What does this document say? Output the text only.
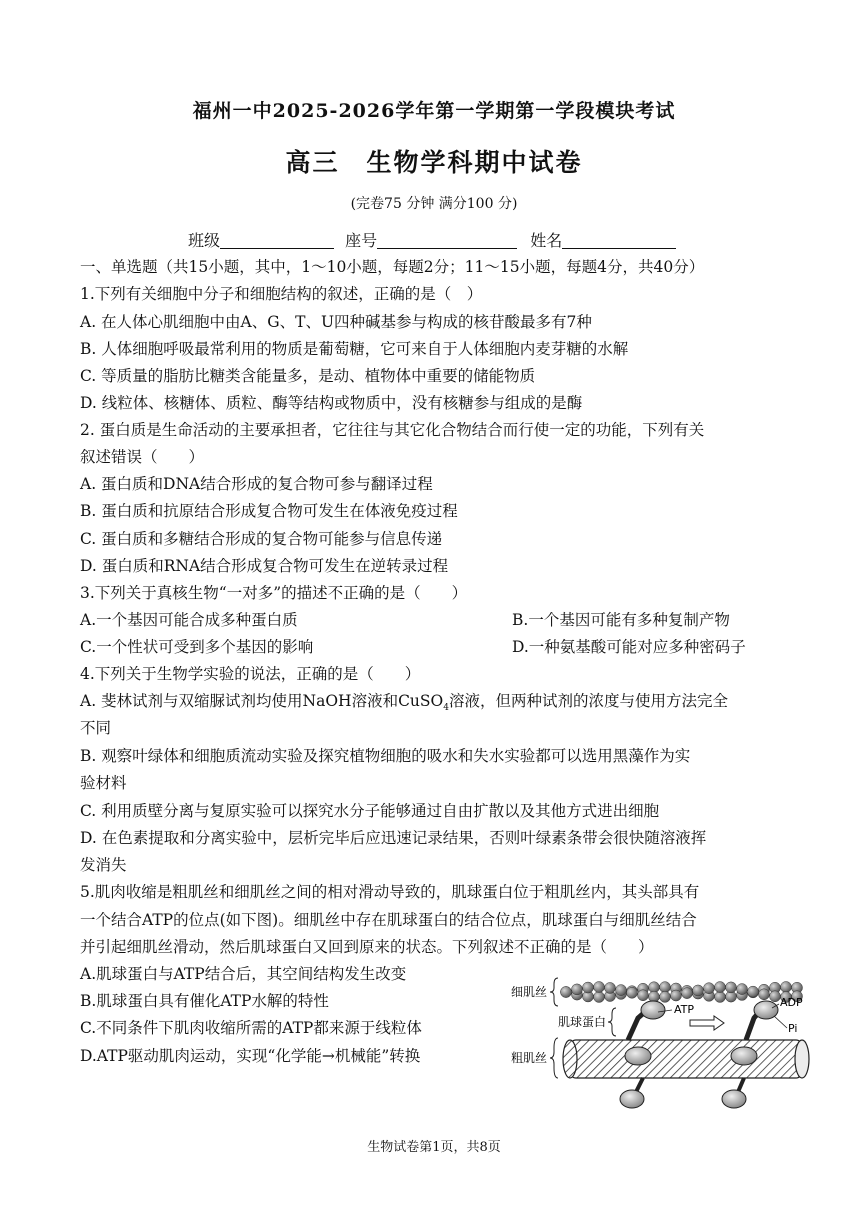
福州一中2025-2026学年第一学期第一学段模块考试
高三　生物学科期中试卷
(完卷75 分钟 满分100 分)
班级	座号	姓名
一、单选题（共15小题，其中，1～10小题，每题2分；11～15小题，每题4分，共40分）
1.下列有关细胞中分子和细胞结构的叙述，正确的是（　）
A. 在人体心肌细胞中由A、G、T、U四种碱基参与构成的核苷酸最多有7种
B. 人体细胞呼吸最常利用的物质是葡萄糖，它可来自于人体细胞内麦芽糖的水解
C. 等质量的脂肪比糖类含能量多，是动、植物体中重要的储能物质
D. 线粒体、核糖体、质粒、酶等结构或物质中，没有核糖参与组成的是酶
2. 蛋白质是生命活动的主要承担者，它往往与其它化合物结合而行使一定的功能，下列有关
叙述错误（　　）
A. 蛋白质和DNA结合形成的复合物可参与翻译过程
B. 蛋白质和抗原结合形成复合物可发生在体液免疫过程
C. 蛋白质和多糖结合形成的复合物可能参与信息传递
D. 蛋白质和RNA结合形成复合物可发生在逆转录过程
3.下列关于真核生物“一对多”的描述不正确的是（　　）
A.一个基因可能合成多种蛋白质	B.一个基因可能有多种复制产物
C.一个性状可受到多个基因的影响	D.一种氨基酸可能对应多种密码子
4.下列关于生物学实验的说法，正确的是（　　）
A. 斐林试剂与双缩脲试剂均使用NaOH溶液和CuSO$_4$溶液，但两种试剂的浓度与使用方法完全
不同
B. 观察叶绿体和细胞质流动实验及探究植物细胞的吸水和失水实验都可以选用黑藻作为实
验材料
C. 利用质壁分离与复原实验可以探究水分子能够通过自由扩散以及其他方式进出细胞
D. 在色素提取和分离实验中，层析完毕后应迅速记录结果，否则叶绿素条带会很快随溶液挥
发消失
5.肌肉收缩是粗肌丝和细肌丝之间的相对滑动导致的，肌球蛋白位于粗肌丝内，其头部具有
一个结合ATP的位点(如下图)。细肌丝中存在肌球蛋白的结合位点，肌球蛋白与细肌丝结合
并引起细肌丝滑动，然后肌球蛋白又回到原来的状态。下列叙述不正确的是（　　）
A.肌球蛋白与ATP结合后，其空间结构发生改变
B.肌球蛋白具有催化ATP水解的特性
C.不同条件下肌肉收缩所需的ATP都来源于线粒体
D.ATP驱动肌肉运动，实现“化学能→机械能”转换
细肌丝
肌球蛋白
粗肌丝
ATP
ADP
Pi
生物试卷第1页，共8页
